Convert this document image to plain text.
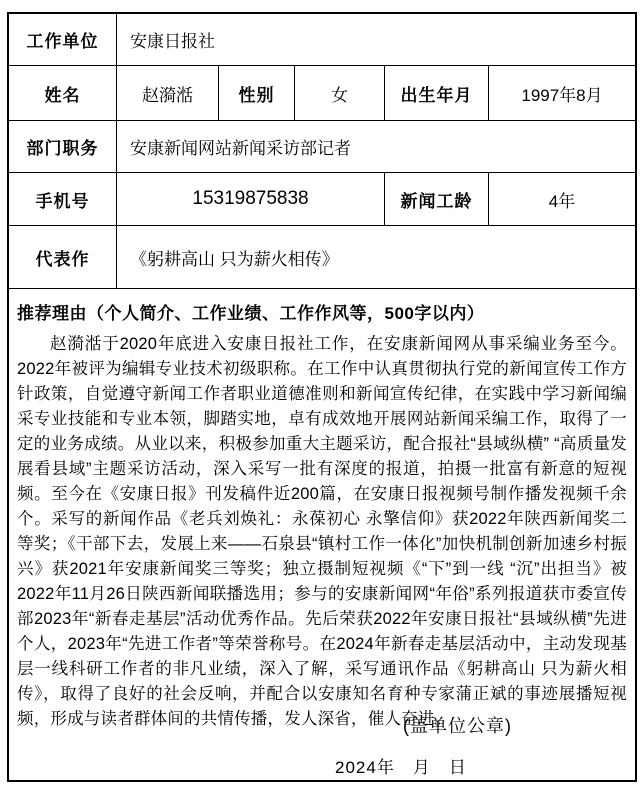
工作单位	安康日报社
姓名	赵漪湉	性别	女	出生年月	1997年8月
部门职务	安康新闻网站新闻采访部记者
手机号	15319875838	新闻工龄	4年
代表作	《躬耕高山 只为薪火相传》
推荐理由（个人简介、工作业绩、工作作风等，500字以内）
赵漪湉于2020年底进入安康日报社工作，在安康新闻网从事采编业务至今。2022年被评为编辑专业技术初级职称。在工作中认真贯彻执行党的新闻宣传工作方针政策，自觉遵守新闻工作者职业道德准则和新闻宣传纪律，在实践中学习新闻编采专业技能和专业本领，脚踏实地，卓有成效地开展网站新闻采编工作，取得了一定的业务成绩。从业以来，积极参加重大主题采访，配合报社“县域纵横” “高质量发展看县域”主题采访活动，深入采写一批有深度的报道，拍摄一批富有新意的短视频。至今在《安康日报》刊发稿件近200篇，在安康日报视频号制作播发视频千余个。采写的新闻作品《老兵刘焕礼：永葆初心 永擎信仰》获2022年陕西新闻奖二等奖；《干部下去，发展上来——石泉县“镇村工作一体化”加快机制创新加速乡村振兴》获2021年安康新闻奖三等奖；独立摄制短视频《“下”到一线 “沉”出担当》被2022年11月26日陕西新闻联播选用；参与的安康新闻网“年俗”系列报道获市委宣传部2023年“新春走基层”活动优秀作品。先后荣获2022年安康日报社“县域纵横”先进个人，2023年“先进工作者”等荣誉称号。在2024年新春走基层活动中，主动发现基层一线科研工作者的非凡业绩，深入了解，采写通讯作品《躬耕高山 只为薪火相传》，取得了良好的社会反响，并配合以安康知名育种专家蒲正斌的事迹展播短视频，形成与读者群体间的共情传播，发人深省，催人奋进。
(盖单位公章)
2024年　月　日
